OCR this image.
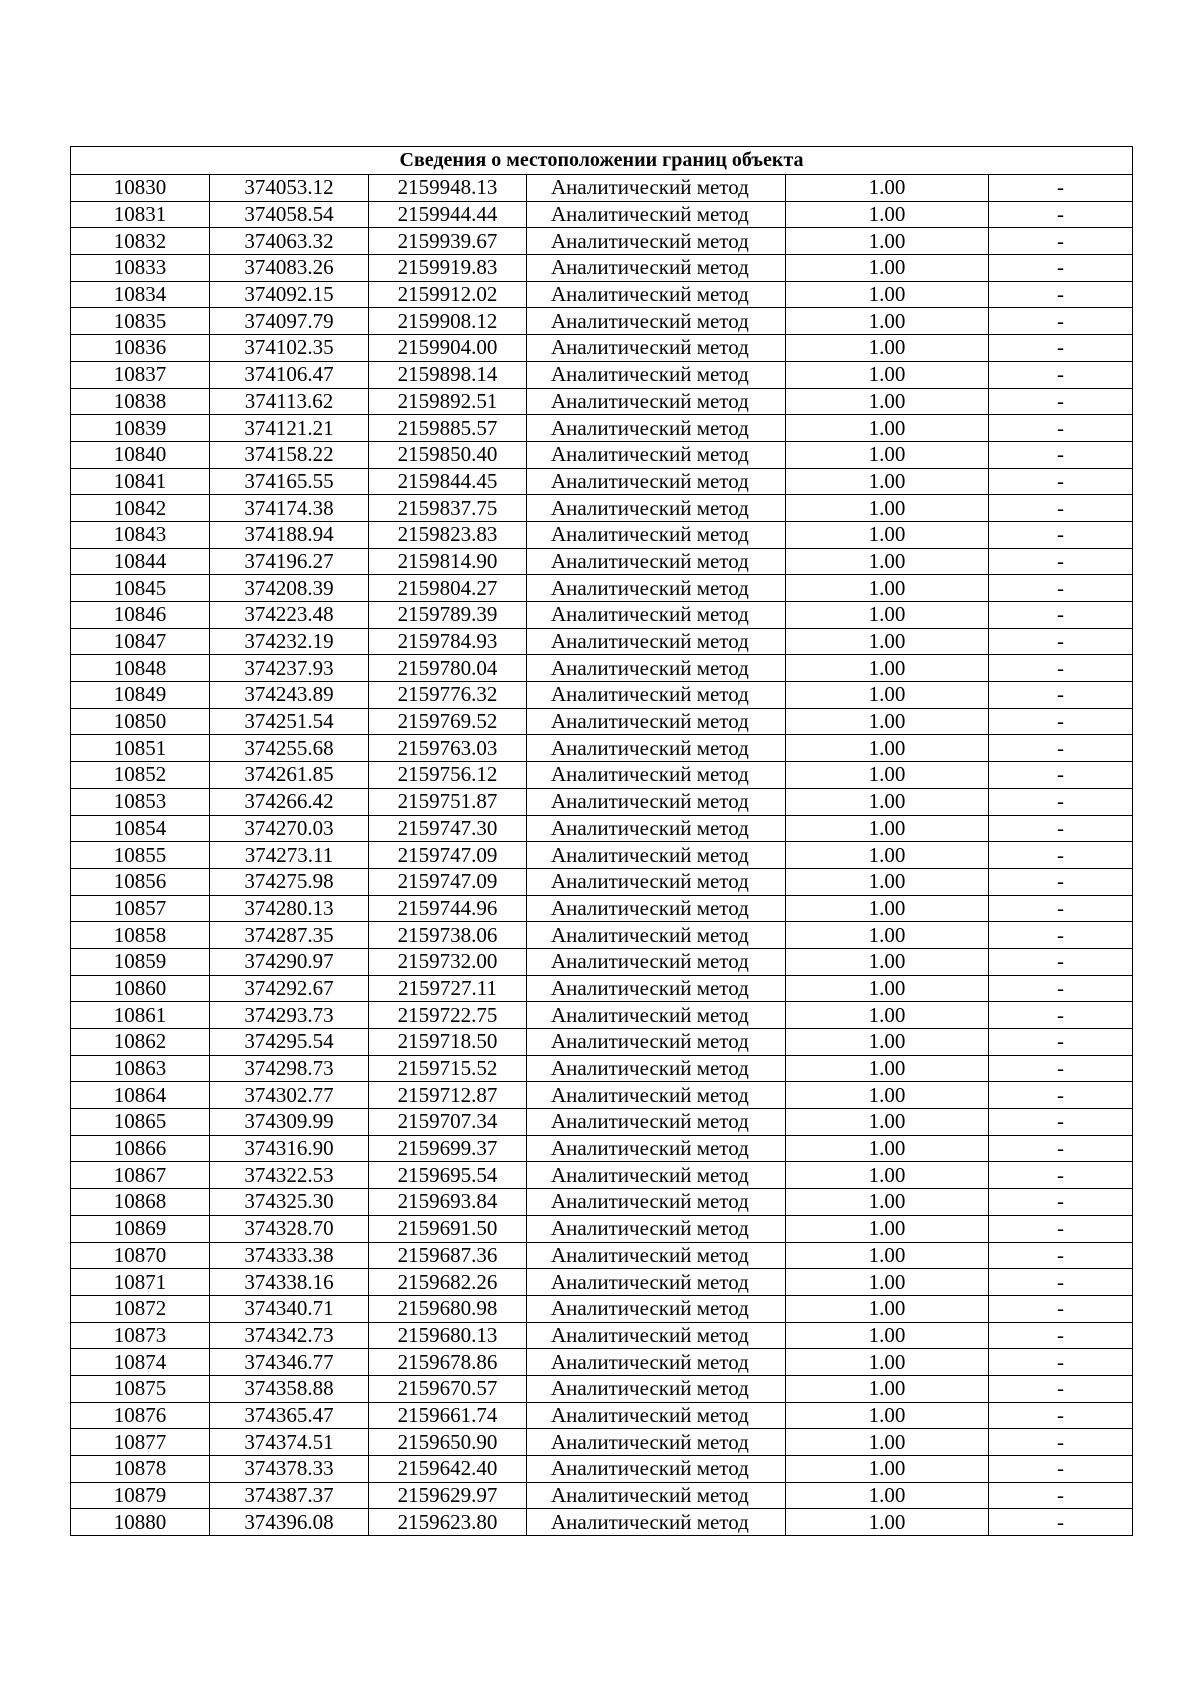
Сведения о местоположении границ объекта					
10830	374053.12	2159948.13	Аналитический метод	1.00	-
10831	374058.54	2159944.44	Аналитический метод	1.00	-
10832	374063.32	2159939.67	Аналитический метод	1.00	-
10833	374083.26	2159919.83	Аналитический метод	1.00	-
10834	374092.15	2159912.02	Аналитический метод	1.00	-
10835	374097.79	2159908.12	Аналитический метод	1.00	-
10836	374102.35	2159904.00	Аналитический метод	1.00	-
10837	374106.47	2159898.14	Аналитический метод	1.00	-
10838	374113.62	2159892.51	Аналитический метод	1.00	-
10839	374121.21	2159885.57	Аналитический метод	1.00	-
10840	374158.22	2159850.40	Аналитический метод	1.00	-
10841	374165.55	2159844.45	Аналитический метод	1.00	-
10842	374174.38	2159837.75	Аналитический метод	1.00	-
10843	374188.94	2159823.83	Аналитический метод	1.00	-
10844	374196.27	2159814.90	Аналитический метод	1.00	-
10845	374208.39	2159804.27	Аналитический метод	1.00	-
10846	374223.48	2159789.39	Аналитический метод	1.00	-
10847	374232.19	2159784.93	Аналитический метод	1.00	-
10848	374237.93	2159780.04	Аналитический метод	1.00	-
10849	374243.89	2159776.32	Аналитический метод	1.00	-
10850	374251.54	2159769.52	Аналитический метод	1.00	-
10851	374255.68	2159763.03	Аналитический метод	1.00	-
10852	374261.85	2159756.12	Аналитический метод	1.00	-
10853	374266.42	2159751.87	Аналитический метод	1.00	-
10854	374270.03	2159747.30	Аналитический метод	1.00	-
10855	374273.11	2159747.09	Аналитический метод	1.00	-
10856	374275.98	2159747.09	Аналитический метод	1.00	-
10857	374280.13	2159744.96	Аналитический метод	1.00	-
10858	374287.35	2159738.06	Аналитический метод	1.00	-
10859	374290.97	2159732.00	Аналитический метод	1.00	-
10860	374292.67	2159727.11	Аналитический метод	1.00	-
10861	374293.73	2159722.75	Аналитический метод	1.00	-
10862	374295.54	2159718.50	Аналитический метод	1.00	-
10863	374298.73	2159715.52	Аналитический метод	1.00	-
10864	374302.77	2159712.87	Аналитический метод	1.00	-
10865	374309.99	2159707.34	Аналитический метод	1.00	-
10866	374316.90	2159699.37	Аналитический метод	1.00	-
10867	374322.53	2159695.54	Аналитический метод	1.00	-
10868	374325.30	2159693.84	Аналитический метод	1.00	-
10869	374328.70	2159691.50	Аналитический метод	1.00	-
10870	374333.38	2159687.36	Аналитический метод	1.00	-
10871	374338.16	2159682.26	Аналитический метод	1.00	-
10872	374340.71	2159680.98	Аналитический метод	1.00	-
10873	374342.73	2159680.13	Аналитический метод	1.00	-
10874	374346.77	2159678.86	Аналитический метод	1.00	-
10875	374358.88	2159670.57	Аналитический метод	1.00	-
10876	374365.47	2159661.74	Аналитический метод	1.00	-
10877	374374.51	2159650.90	Аналитический метод	1.00	-
10878	374378.33	2159642.40	Аналитический метод	1.00	-
10879	374387.37	2159629.97	Аналитический метод	1.00	-
10880	374396.08	2159623.80	Аналитический метод	1.00	-
